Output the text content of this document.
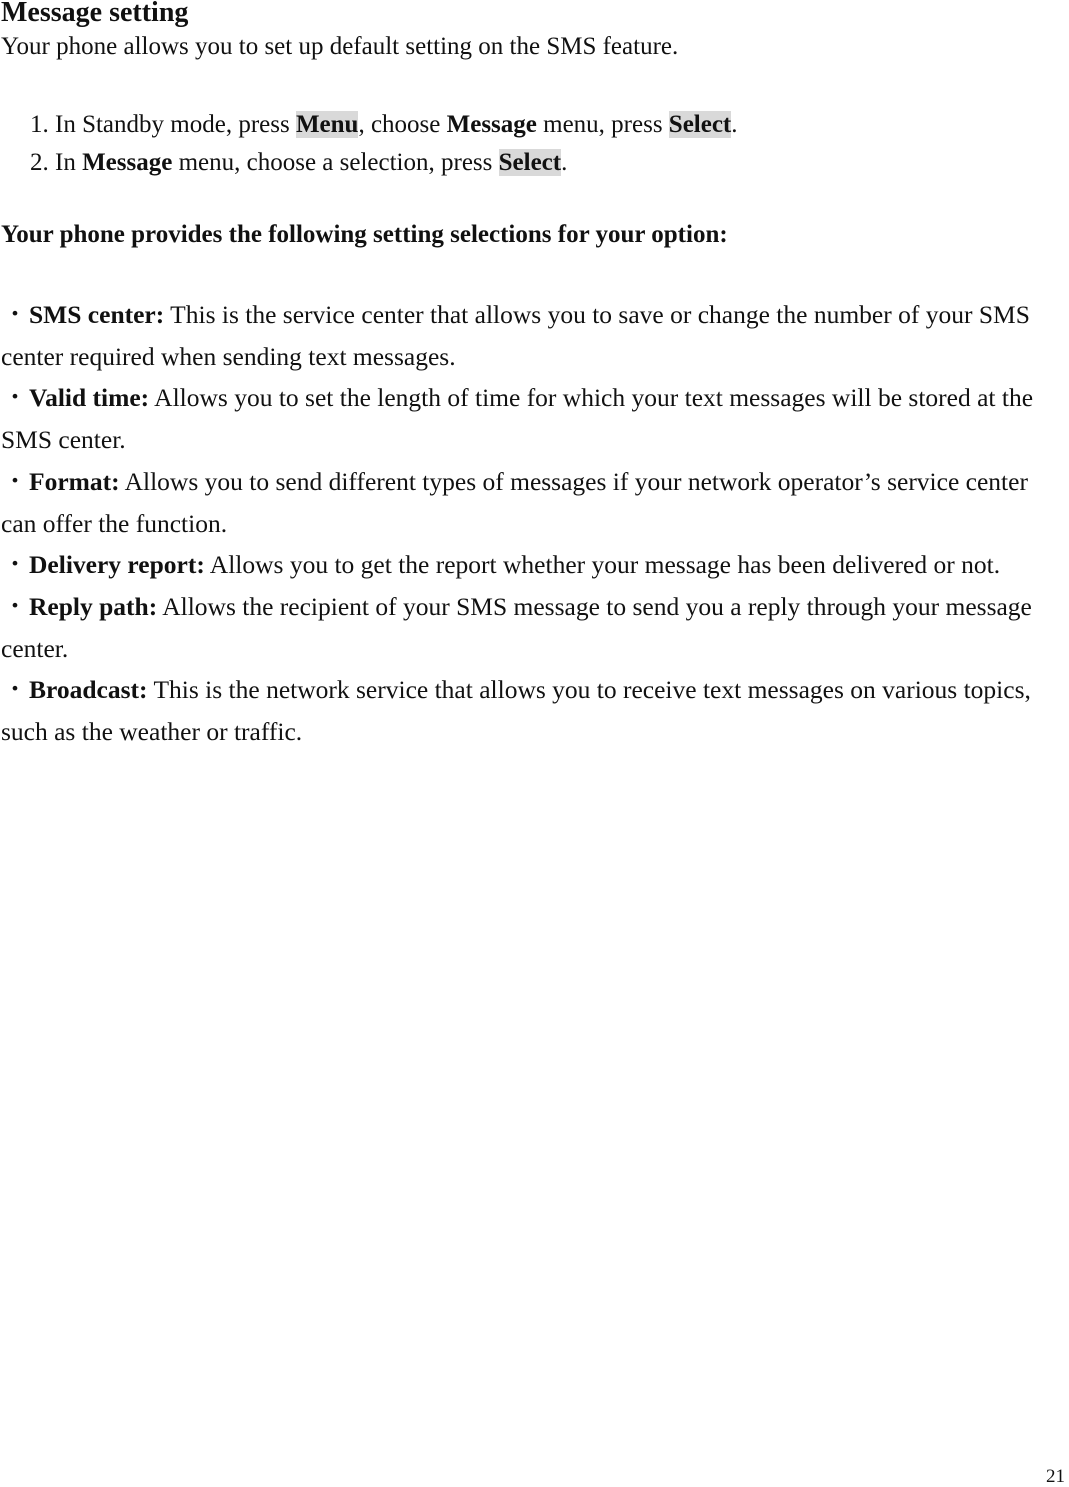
Message setting

Your phone allows you to set up default setting on the SMS feature.

1. In Standby mode, press Menu, choose Message menu, press Select.
2. In Message menu, choose a selection, press Select.

Your phone provides the following setting selections for your option:

・SMS center: This is the service center that allows you to save or change the number of your SMS center required when sending text messages.
・Valid time: Allows you to set the length of time for which your text messages will be stored at the SMS center.
・Format: Allows you to send different types of messages if your network operator’s service center can offer the function.
・Delivery report: Allows you to get the report whether your message has been delivered or not.
・Reply path: Allows the recipient of your SMS message to send you a reply through your message center.
・Broadcast: This is the network service that allows you to receive text messages on various topics, such as the weather or traffic.
21
